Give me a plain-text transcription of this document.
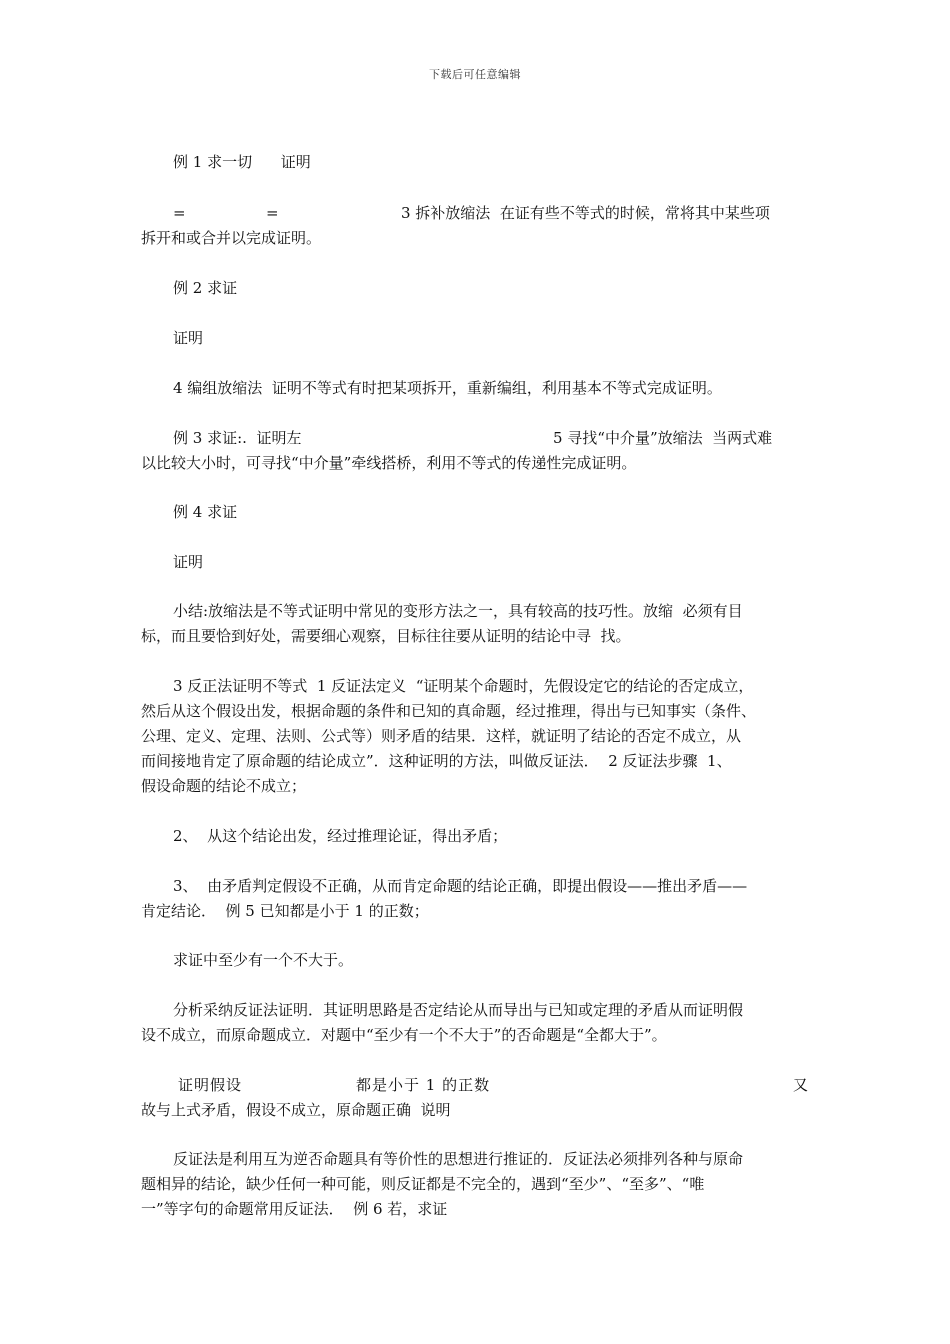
下载后可任意编辑
例 1 求一切      证明
=	=	3 拆补放缩法  在证有些不等式的时候，常将其中某些项
拆开和或合并以完成证明。
例 2 求证
证明
4 编组放缩法  证明不等式有时把某项拆开，重新编组，利用基本不等式完成证明。
例 3 求证:.  证明左	5 寻找“中介量”放缩法  当两式难
以比较大小时，可寻找“中介量”牵线搭桥，利用不等式的传递性完成证明。
例 4 求证
证明
小结:放缩法是不等式证明中常见的变形方法之一，具有较高的技巧性。放缩  必须有目
标，而且要恰到好处，需要细心观察，目标往往要从证明的结论中寻  找。
3 反正法证明不等式  1 反证法定义  “证明某个命题时，先假设定它的结论的否定成立，
然后从这个假设出发，根据命题的条件和已知的真命题，经过推理，得出与已知事实（条件、
公理、定义、定理、法则、公式等）则矛盾的结果．这样，就证明了结论的否定不成立，从
而间接地肯定了原命题的结论成立”．这种证明的方法，叫做反证法．  2 反证法步骤  1、
假设命题的结论不成立；
2、  从这个结论出发，经过推理论证，得出矛盾；
3、  由矛盾判定假设不正确，从而肯定命题的结论正确，即提出假设——推出矛盾——
肯定结论．  例 5 已知都是小于 1 的正数；
求证中至少有一个不大于。
分析采纳反证法证明．其证明思路是否定结论从而导出与已知或定理的矛盾从而证明假
设不成立，而原命题成立．对题中“至少有一个不大于”的否命题是“全都大于”。
证明假设	都是小于 1 的正数	又
故与上式矛盾，假设不成立，原命题正确  说明
反证法是利用互为逆否命题具有等价性的思想进行推证的．反证法必须排列各种与原命
题相异的结论，缺少任何一种可能，则反证都是不完全的，遇到“至少”、“至多”、“唯
一”等字句的命题常用反证法．  例 6 若，求证
